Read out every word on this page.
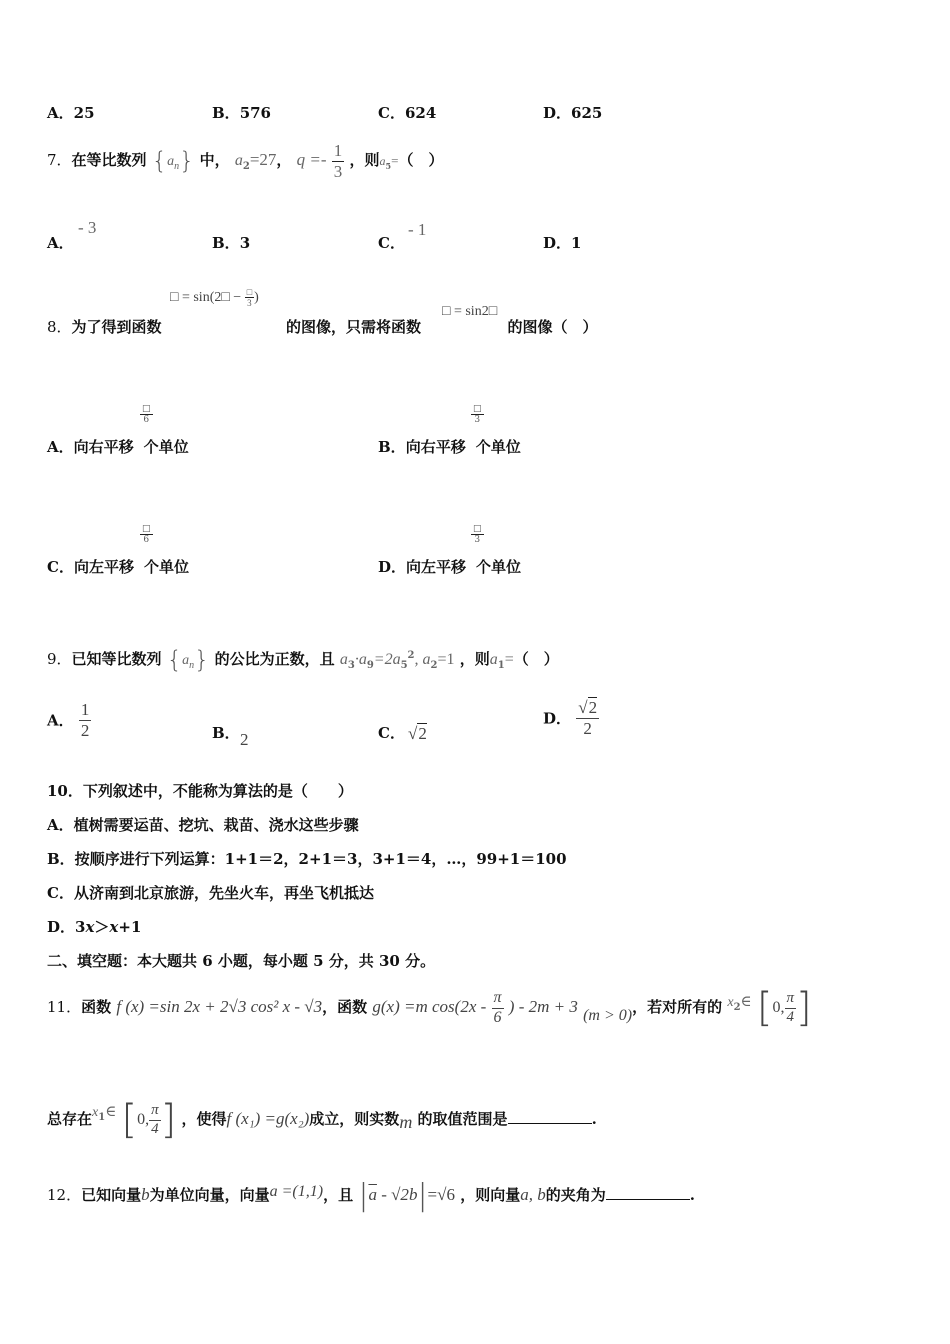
A．25	B．576	C．624	D．625
7．在等比数列 $\{a_n\}$ 中， $a_2=27$， $q =- \frac{1}{3}$ ，则$a_5=$（　）
A．
- 3
B．3	C．
- 1
D．1
□ = sin(2□ − $\frac{□}{3}$ )
8．为了得到函数	的图像，只需将函数	的图像（　）
□ = sin2□
□
6
A．向右平移 个单位
□
3
B．向右平移 个单位
□
6
C．向左平移 个单位
□
3
D．向左平移 个单位
9．已知等比数列 $\{a_n\}$ 的公比为正数，且 $a_3\cdot a_9=2a_5^2$, $a_2=1$ ，则$a_1=$（　）
A． $\frac{1}{2}$	B． 2	C． √2
D． $\frac{√2}{2}$
10．下列叙述中，不能称为算法的是（　　）
A．植树需要运苗、挖坑、栽苗、浇水这些步骤
B．按顺序进行下列运算：1+1＝2，2+1＝3，3+1＝4，…，99+1＝100
C．从济南到北京旅游，先坐火车，再坐飞机抵达
D．3x＞x+1
二、填空题：本大题共 6 小题，每小题 5 分，共 30 分。
11．函数 f (x) =sin 2x + 2√3 cos² x - √3，函数 g(x) =m $\cos(2x - \frac{\pi}{6}$ ) - 2m + 3 (m > 0)，若对所有的 $x^2\in$ [0, $\frac{\pi}{4}$ ]
总存在$x^1\in$ [0, $\frac{\pi}{4}$ ] ，使得f (x₁) =g(x₂)成立，则实数m 的取值范围是	.
12．已知向量b为单位向量，向量a =(1,1)，且 $|\overline{a} - √2b|=√6$ ，则向量a, b的夹角为	.
